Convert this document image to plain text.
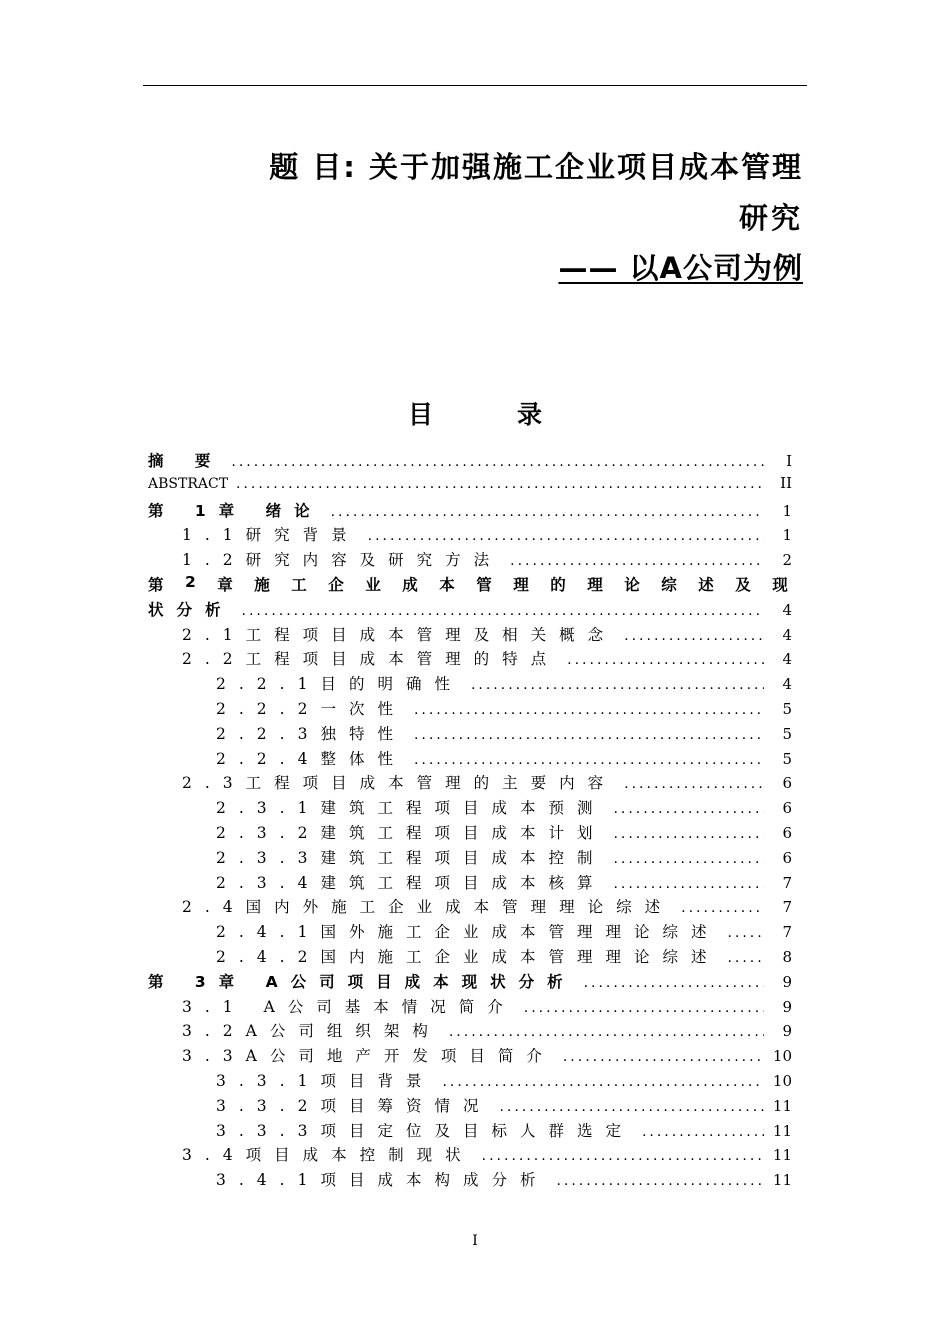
题 目: 关于加强施工企业项目成本管理
研究
—— 以A公司为例
目	录
摘 要 .....	I
ABSTRACT .....	II
第 1章 绪论 .....	1
1.1研究背景 .....	1
1.2研究内容及研究方法 .....	2
第 2 章 施 工 企 业 成 本 管 理 的 理 论 综 述 及 现
状分析 .....	4
2.1工程项目成本管理及相关概念 .....	4
2.2工程项目成本管理的特点 .....	4
2.2.1目的明确性 .....	4
2.2.2一次性 .....	5
2.2.3独特性 .....	5
2.2.4整体性 .....	5
2.3工程项目成本管理的主要内容 .....	6
2.3.1建筑工程项目成本预测 .....	6
2.3.2建筑工程项目成本计划 .....	6
2.3.3建筑工程项目成本控制 .....	6
2.3.4建筑工程项目成本核算 .....	7
2.4国内外施工企业成本管理理论综述 .....	7
2.4.1国外施工企业成本管理理论综述 .....	7
2.4.2国内施工企业成本管理理论综述 .....	8
第 3章 A公司项目成本现状分析 .....	9
3.1 A公司基本情况简介 .....	9
3.2A公司组织架构 .....	9
3.3A公司地产开发项目简介 .....	10
3.3.1项目背景 .....	10
3.3.2项目筹资情况 .....	11
3.3.3项目定位及目标人群选定 .....	11
3.4项目成本控制现状 .....	11
3.4.1项目成本构成分析 .....	11
I
